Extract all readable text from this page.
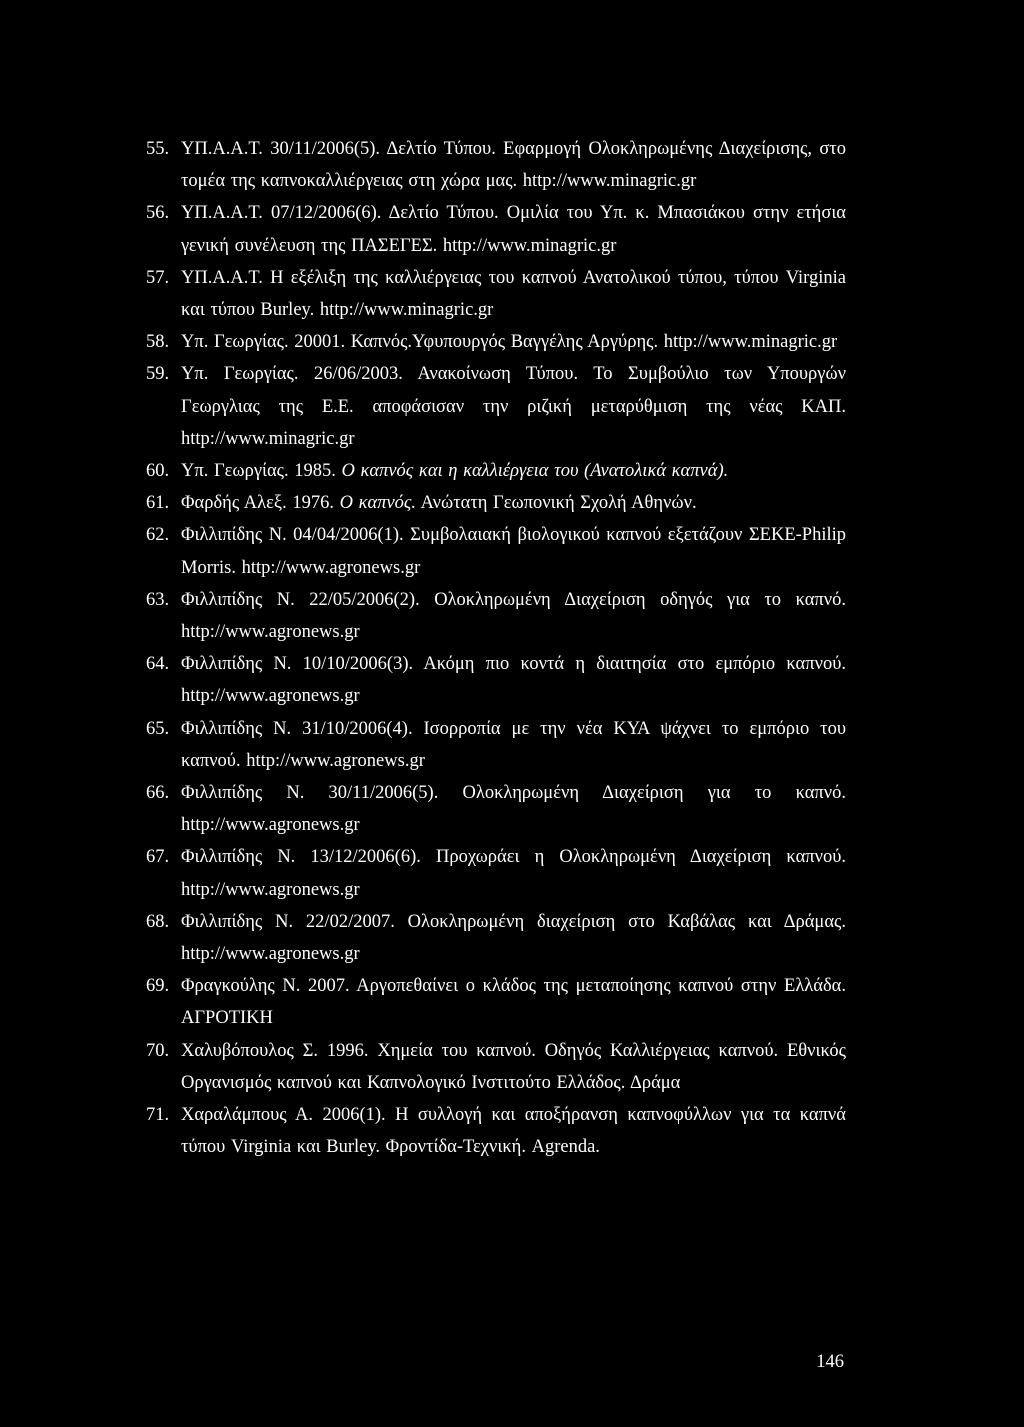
55. ΥΠ.Α.Α.Τ. 30/11/2006(5). Δελτίο Τύπου. Εφαρμογή Ολοκληρωμένης Διαχείρισης, στο τομέα της καπνοκαλλιέργειας στη χώρα μας. http://www.minagric.gr
56. ΥΠ.Α.Α.Τ. 07/12/2006(6). Δελτίο Τύπου. Ομιλία του Υπ. κ. Μπασιάκου στην ετήσια γενική συνέλευση της ΠΑΣΕΓΕΣ. http://www.minagric.gr
57. ΥΠ.Α.Α.Τ. Η εξέλιξη της καλλιέργειας του καπνού Ανατολικού τύπου, τύπου Virginia και τύπου Burley. http://www.minagric.gr
58. Υπ. Γεωργίας. 20001. Καπνός.Υφυπουργός Βαγγέλης Αργύρης. http://www.minagric.gr
59. Υπ. Γεωργίας. 26/06/2003. Ανακοίνωση Τύπου. Το Συμβούλιο των Υπουργών Γεωργλιας της Ε.Ε. αποφάσισαν την ριζική μεταρύθμιση της νέας ΚΑΠ. http://www.minagric.gr
60. Υπ. Γεωργίας. 1985. Ο καπνός και η καλλιέργεια του (Ανατολικά καπνά).
61. Φαρδής Αλεξ. 1976. Ο καπνός. Ανώτατη Γεωπονική Σχολή Αθηνών.
62. Φιλλιπίδης Ν. 04/04/2006(1). Συμβολαιακή βιολογικού καπνού εξετάζουν ΣΕΚΕ-Philip Morris. http://www.agronews.gr
63. Φιλλιπίδης Ν. 22/05/2006(2). Ολοκληρωμένη Διαχείριση οδηγός για το καπνό. http://www.agronews.gr
64. Φιλλιπίδης Ν. 10/10/2006(3). Ακόμη πιο κοντά η διαιτησία στο εμπόριο καπνού. http://www.agronews.gr
65. Φιλλιπίδης Ν. 31/10/2006(4). Ισορροπία με την νέα ΚΥΑ ψάχνει το εμπόριο του καπνού. http://www.agronews.gr
66. Φιλλιπίδης Ν. 30/11/2006(5). Ολοκληρωμένη Διαχείριση για το καπνό. http://www.agronews.gr
67. Φιλλιπίδης Ν. 13/12/2006(6). Προχωράει η Ολοκληρωμένη Διαχείριση καπνού. http://www.agronews.gr
68. Φιλλιπίδης Ν. 22/02/2007. Ολοκληρωμένη διαχείριση στο Καβάλας και Δράμας. http://www.agronews.gr
69. Φραγκούλης Ν. 2007. Αργοπεθαίνει ο κλάδος της μεταποίησης καπνού στην Ελλάδα. ΑΓΡΟΤΙΚΗ
70. Χαλυβόπουλος Σ. 1996. Χημεία του καπνού. Οδηγός Καλλιέργειας καπνού. Εθνικός Οργανισμός καπνού και Καπνολογικό Ινστιτούτο Ελλάδος. Δράμα
71. Χαραλάμπους Α. 2006(1). Η συλλογή και αποξήρανση καπνοφύλλων για τα καπνά τύπου Virginia και Burley. Φροντίδα-Τεχνική. Agrenda.
146
